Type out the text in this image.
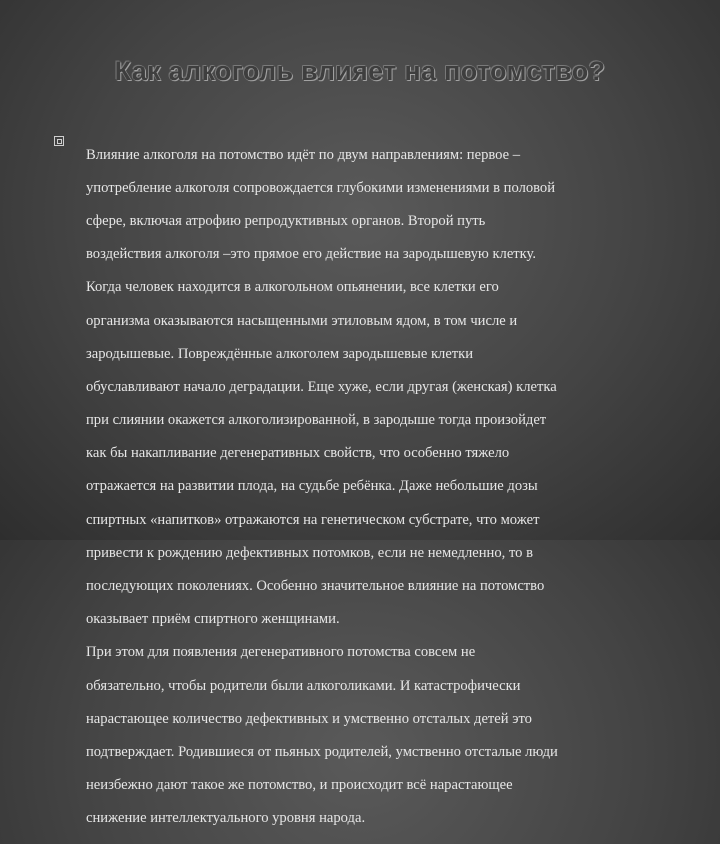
Как алкоголь влияет на потомство?

Влияние алкоголя на потомство идёт по двум направлениям: первое –

употребление алкоголя сопровождается глубокими изменениями в половой

сфере, включая атрофию репродуктивных органов. Второй путь

воздействия алкоголя –это прямое его действие на зародышевую клетку.

Когда человек находится в алкогольном опьянении, все клетки его

организма оказываются насыщенными этиловым ядом, в том числе и

зародышевые. Повреждённые алкоголем зародышевые клетки

обуславливают начало деградации. Еще хуже, если другая (женская) клетка

при слиянии окажется алкоголизированной, в зародыше тогда произойдет

как бы накапливание дегенеративных свойств, что особенно тяжело

отражается на развитии плода, на судьбе ребёнка. Даже небольшие дозы

спиртных «напитков» отражаются на генетическом субстрате, что может

привести к рождению дефективных потомков, если не немедленно, то в

последующих поколениях. Особенно значительное влияние на потомство

оказывает приём спиртного женщинами.

При этом для появления дегенеративного потомства совсем не

обязательно, чтобы родители были алкоголиками. И катастрофически

нарастающее количество дефективных и умственно отсталых детей это

подтверждает. Родившиеся от пьяных родителей, умственно отсталые люди

неизбежно дают такое же потомство, и происходит всё нарастающее

снижение интеллектуального уровня народа.
